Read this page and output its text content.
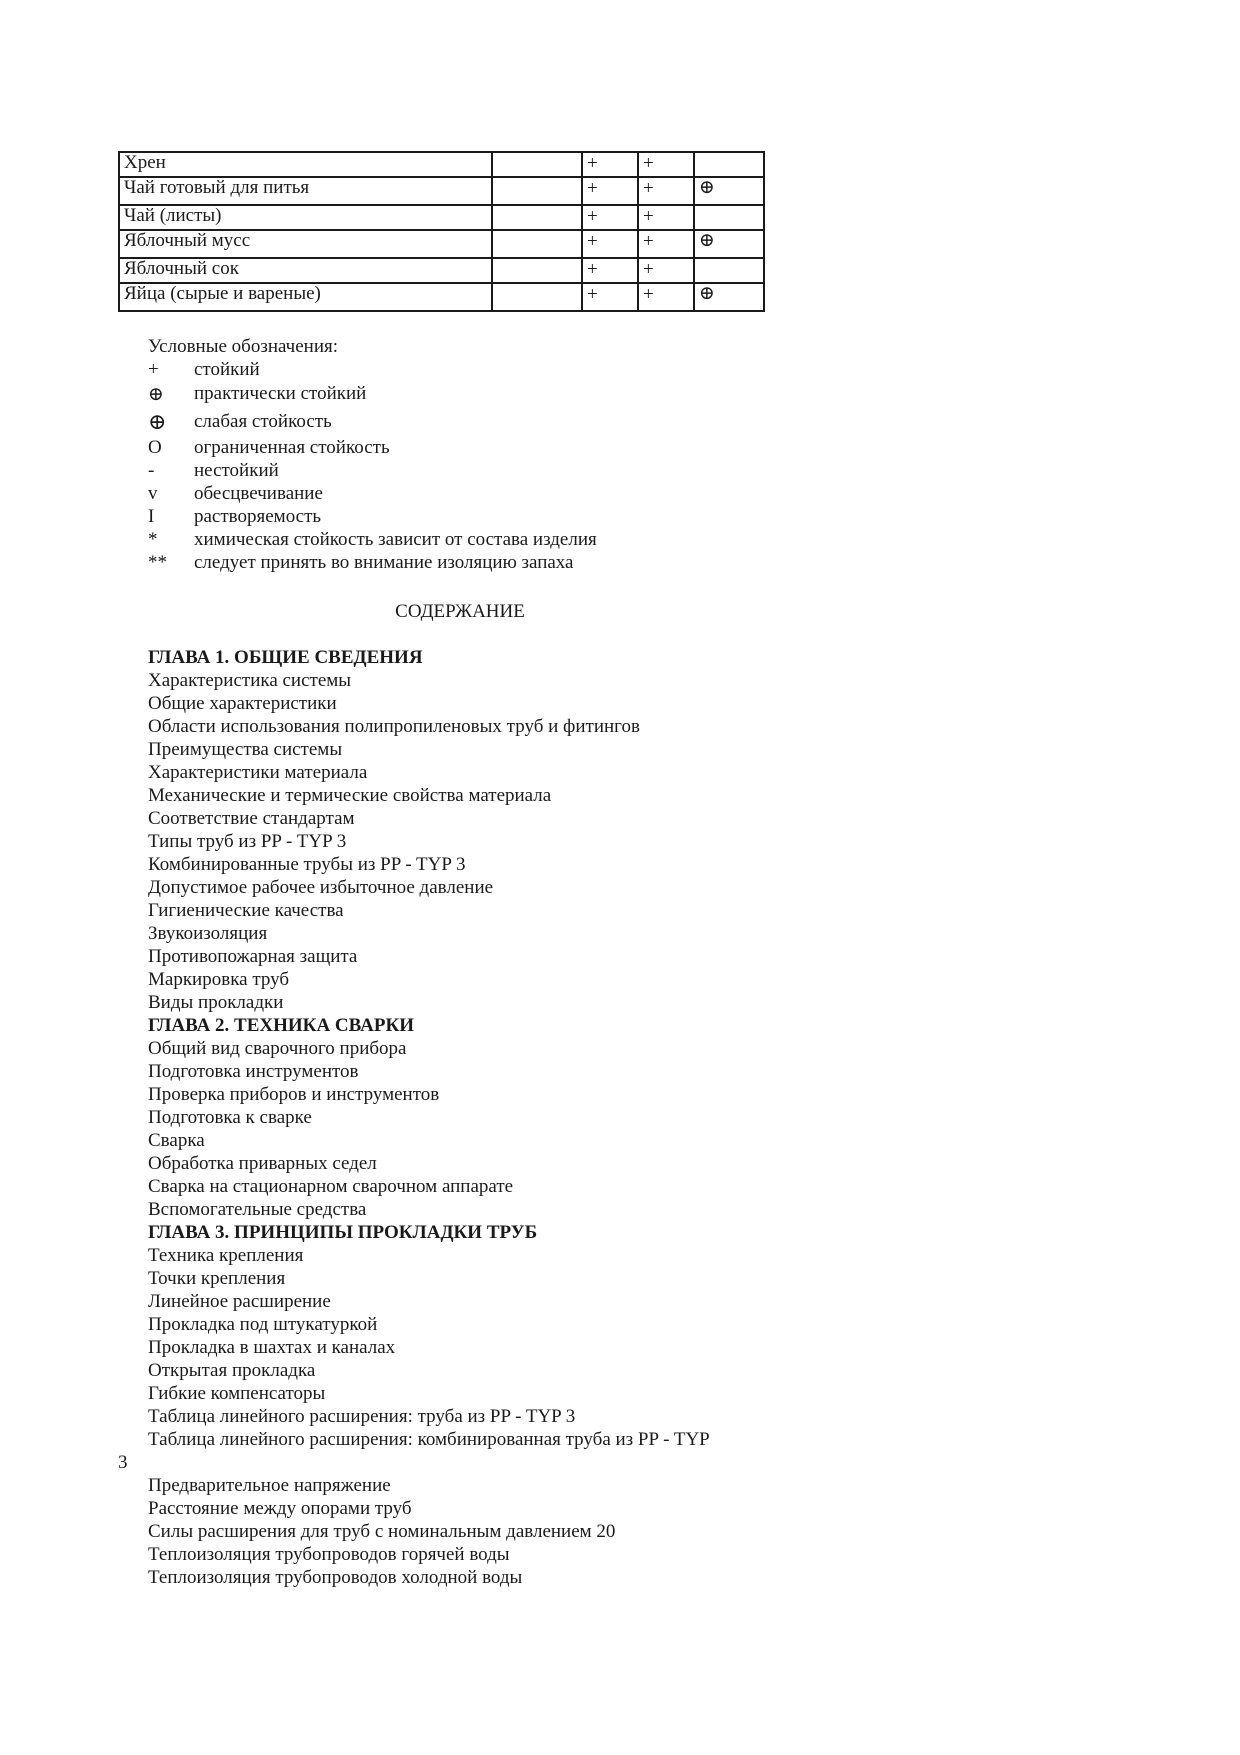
Хрен		+	+	
Чай готовый для питья		+	+	⊕
Чай (листы)		+	+	
Яблочный мусс		+	+	⊕
Яблочный сок		+	+	
Яйца (сырые и вареные)		+	+	⊕
Условные обозначения:
+	стойкий
⊕	практически стойкий
⊕	слабая стойкость
O	ограниченная стойкость
-	нестойкий
v	обесцвечивание
I	растворяемость
*	химическая стойкость зависит от состава изделия
**	следует принять во внимание изоляцию запаха
СОДЕРЖАНИЕ
ГЛАВА 1. ОБЩИЕ СВЕДЕНИЯ
Характеристика системы
Общие характеристики
Области использования полипропиленовых труб и фитингов
Преимущества системы
Характеристики материала
Механические и термические свойства материала
Соответствие стандартам
Типы труб из PP - TYP 3
Комбинированные трубы из PP - TYP 3
Допустимое рабочее избыточное давление
Гигиенические качества
Звукоизоляция
Противопожарная защита
Маркировка труб
Виды прокладки
ГЛАВА 2. ТЕХНИКА СВАРКИ
Общий вид сварочного прибора
Подготовка инструментов
Проверка приборов и инструментов
Подготовка к сварке
Сварка
Обработка приварных седел
Сварка на стационарном сварочном аппарате
Вспомогательные средства
ГЛАВА 3. ПРИНЦИПЫ ПРОКЛАДКИ ТРУБ
Техника крепления
Точки крепления
Линейное расширение
Прокладка под штукатуркой
Прокладка в шахтах и каналах
Открытая прокладка
Гибкие компенсаторы
Таблица линейного расширения: труба из PP - TYP 3
Таблица линейного расширения: комбинированная труба из PP - TYP
3
Предварительное напряжение
Расстояние между опорами труб
Силы расширения для труб с номинальным давлением 20
Теплоизоляция трубопроводов горячей воды
Теплоизоляция трубопроводов холодной воды
